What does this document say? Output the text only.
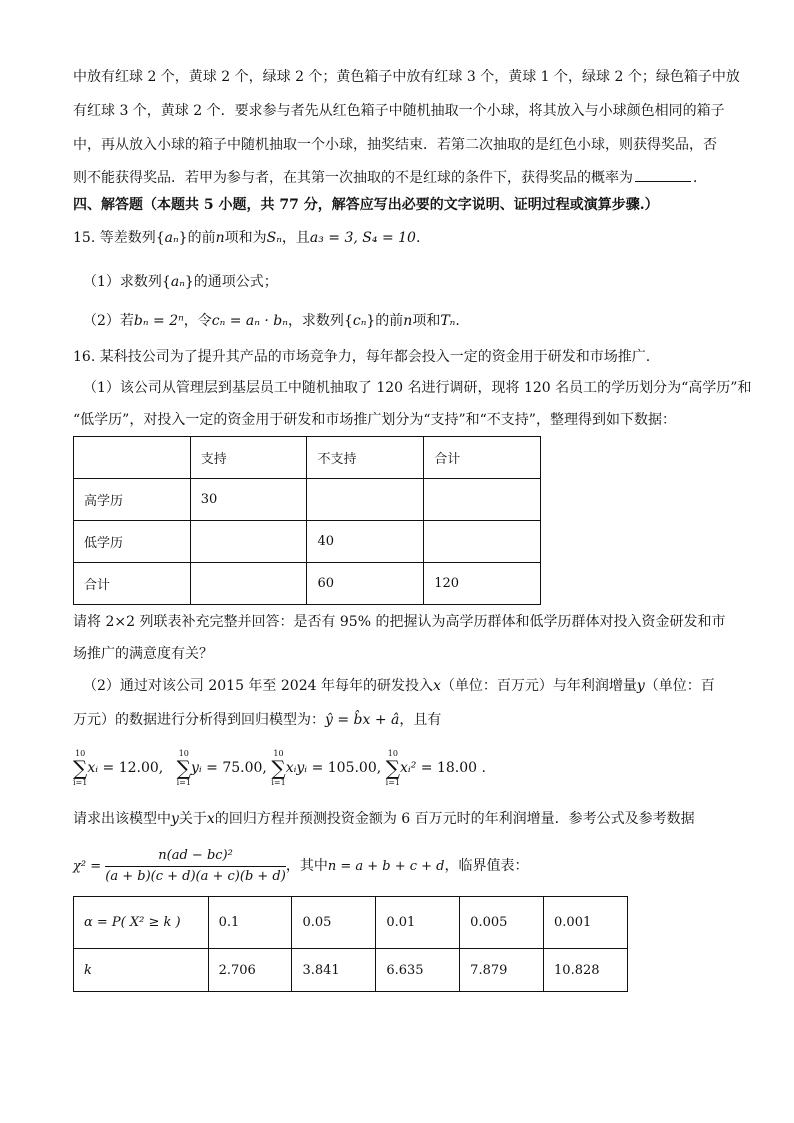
中放有红球 2 个，黄球 2 个，绿球 2 个；黄色箱子中放有红球 3 个，黄球 1 个，绿球 2 个；绿色箱子中放
有红球 3 个，黄球 2 个．要求参与者先从红色箱子中随机抽取一个小球，将其放入与小球颜色相同的箱子
中，再从放入小球的箱子中随机抽取一个小球，抽奖结束．若第二次抽取的是红色小球，则获得奖品，否
则不能获得奖品．若甲为参与者，在其第一次抽取的不是红球的条件下，获得奖品的概率为	．
四、解答题（本题共 5 小题，共 77 分，解答应写出必要的文字说明、证明过程或演算步骤.）
15. 等差数列{aₙ}的前n项和为Sₙ，且a₃ = 3, S₄ = 10.
（1）求数列{aₙ}的通项公式；
（2）若bₙ = 2ⁿ，令cₙ = aₙ · bₙ，求数列{cₙ}的前n项和Tₙ.
16. 某科技公司为了提升其产品的市场竞争力，每年都会投入一定的资金用于研发和市场推广.
（1）该公司从管理层到基层员工中随机抽取了 120 名进行调研，现将 120 名员工的学历划分为“高学历”和
“低学历”，对投入一定的资金用于研发和市场推广划分为“支持”和“不支持”，整理得到如下数据：
	支持	不支持	合计
高学历	30		
低学历		40	
合计		60	120
请将 2×2 列联表补充完整并回答：是否有 95% 的把握认为高学历群体和低学历群体对投入资金研发和市
场推广的满意度有关？
（2）通过对该公司 2015 年至 2024 年每年的研发投入x（单位：百万元）与年利润增量y（单位：百
万元）的数据进行分析得到回归模型为：ŷ = b̂x + â，且有
10
∑
i=1
xᵢ = 12.00,
10
∑
i=1
yᵢ = 75.00,
10
∑
i=1
xᵢyᵢ = 105.00,
10
∑
i=1
xᵢ² = 18.00 .
请求出该模型中y关于x的回归方程并预测投资金额为 6 百万元时的年利润增量．参考公式及参考数据
$\chi^2 = \frac{\text{n(ad − bc)²}}{(a + b)(c + d)(a + c)(b + d)}$ ，其中n = a + b + c + d，临界值表：
α = P( X² ≥ k )	0.1	0.05	0.01	0.005	0.001
k	2.706	3.841	6.635	7.879	10.828
